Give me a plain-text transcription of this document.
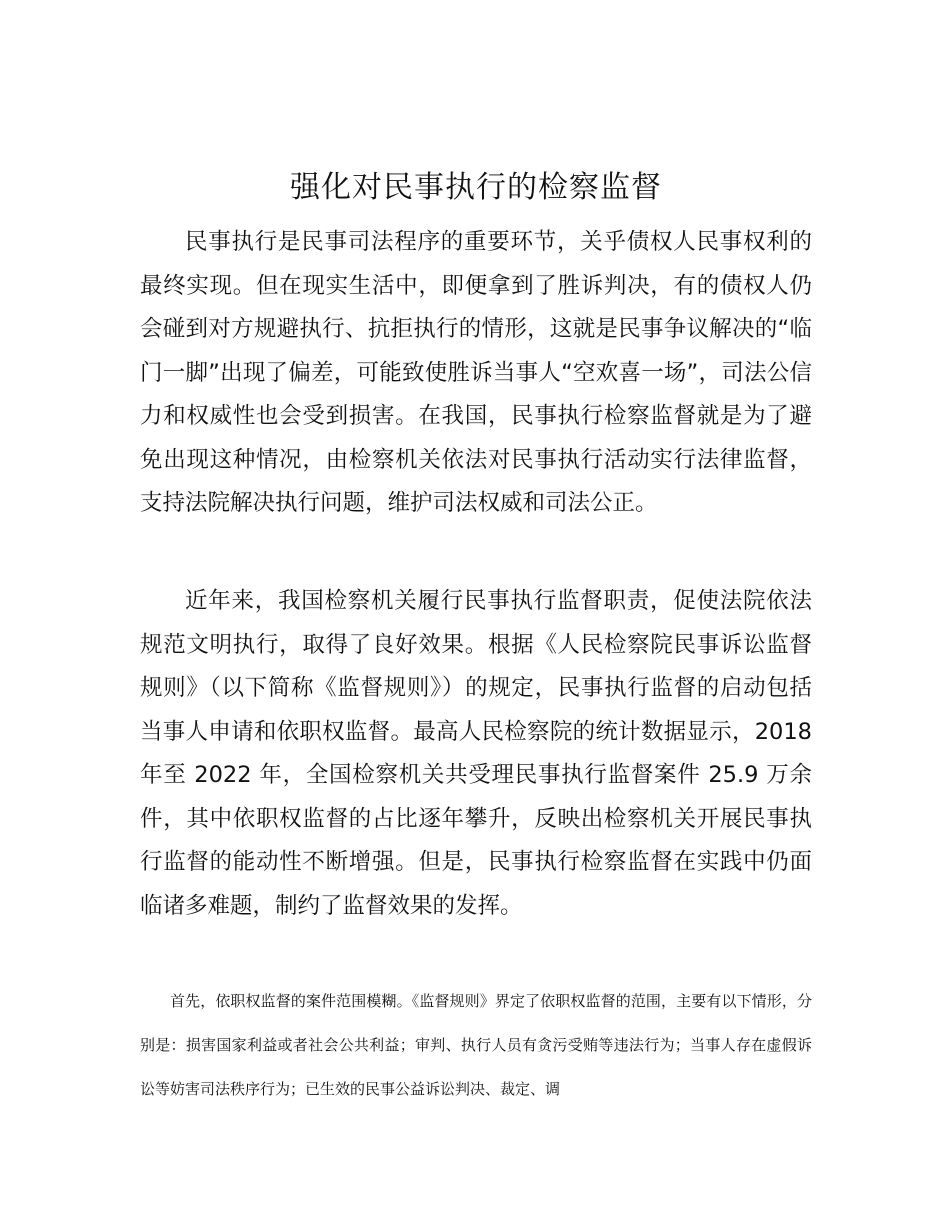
强化对民事执行的检察监督

民事执行是民事司法程序的重要环节，关乎债权人民事权利的最终实现。但在现实生活中，即便拿到了胜诉判决，有的债权人仍会碰到对方规避执行、抗拒执行的情形，这就是民事争议解决的“临门一脚”出现了偏差，可能致使胜诉当事人“空欢喜一场”，司法公信力和权威性也会受到损害。在我国，民事执行检察监督就是为了避免出现这种情况，由检察机关依法对民事执行活动实行法律监督，支持法院解决执行问题，维护司法权威和司法公正。

近年来，我国检察机关履行民事执行监督职责，促使法院依法规范文明执行，取得了良好效果。根据《人民检察院民事诉讼监督规则》（以下简称《监督规则》）的规定，民事执行监督的启动包括当事人申请和依职权监督。最高人民检察院的统计数据显示，2018 年至 2022 年，全国检察机关共受理民事执行监督案件 25.9 万余件，其中依职权监督的占比逐年攀升，反映出检察机关开展民事执行监督的能动性不断增强。但是，民事执行检察监督在实践中仍面临诸多难题，制约了监督效果的发挥。

首先，依职权监督的案件范围模糊。《监督规则》界定了依职权监督的范围，主要有以下情形，分别是：损害国家利益或者社会公共利益；审判、执行人员有贪污受贿等违法行为；当事人存在虚假诉讼等妨害司法秩序行为；已生效的民事公益诉讼判决、裁定、调
